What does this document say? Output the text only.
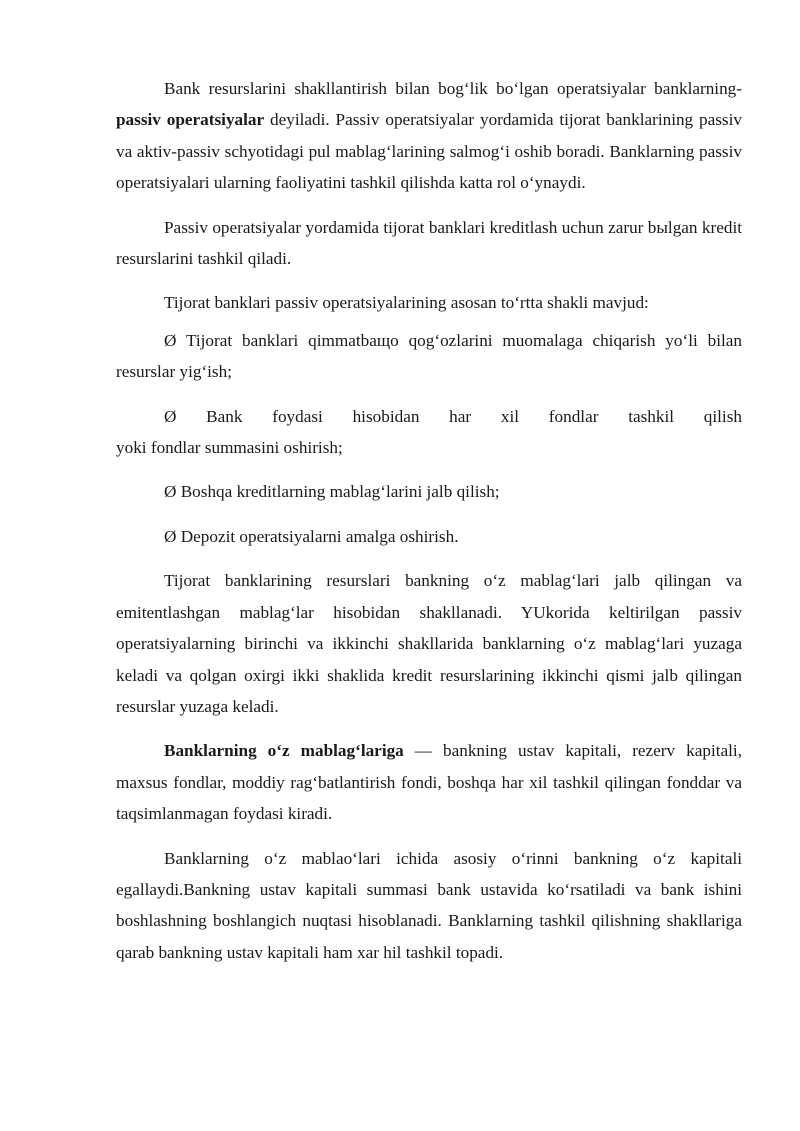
Bank resurslarini shakllantirish bilan bog‘lik bo‘lgan operatsiyalar banklarning- passiv operatsiyalar deyiladi. Passiv operatsiyalar yordamida tijorat banklarining passiv va aktiv-passiv schyotidagi pul mablag‘larining salmog‘i oshib boradi. Banklarning passiv operatsiyalari ularning faoliyatini tashkil qilishda katta rol o‘ynaydi.

Passiv operatsiyalar yordamida tijorat banklari kreditlash uchun zarur bыlgan kredit resurslarini tashkil qiladi.

Tijorat banklari passiv operatsiyalarining asosan to‘rtta shakli mavjud:

Ø Tijorat banklari qimmatbaщo qog‘ozlarini muomalaga chiqarish yo‘li bilan resurslar yig‘ish;

Ø Bank foydasi hisobidan har xil fondlar tashkil qilish
yoki fondlar summasini oshirish;

Ø Boshqa kreditlarning mablag‘larini jalb qilish;

Ø Depozit operatsiyalarni amalga oshirish.

Tijorat banklarining resurslari bankning o‘z mablag‘lari jalb qilingan va emitentlashgan mablag‘lar hisobidan shakllanadi. YUkorida keltirilgan passiv operatsiyalarning birinchi va ikkinchi shakllarida banklarning o‘z mablag‘lari yuzaga keladi va qolgan oxirgi ikki shaklida kredit resurslarining ikkinchi qismi jalb qilingan resurslar yuzaga keladi.

Banklarning o‘z mablag‘lariga — bankning ustav kapitali, rezerv kapitali, maxsus fondlar, moddiy rag‘batlantirish fondi, boshqa har xil tashkil qilingan fonddar va taqsimlanmagan foydasi kiradi.

Banklarning o‘z mablao‘lari ichida asosiy o‘rinni bankning o‘z kapitali egallaydi.Bankning ustav kapitali summasi bank ustavida ko‘rsatiladi va bank ishini boshlashning boshlangich nuqtasi hisoblanadi. Banklarning tashkil qilishning shakllariga qarab bankning ustav kapitali ham xar hil tashkil topadi.
